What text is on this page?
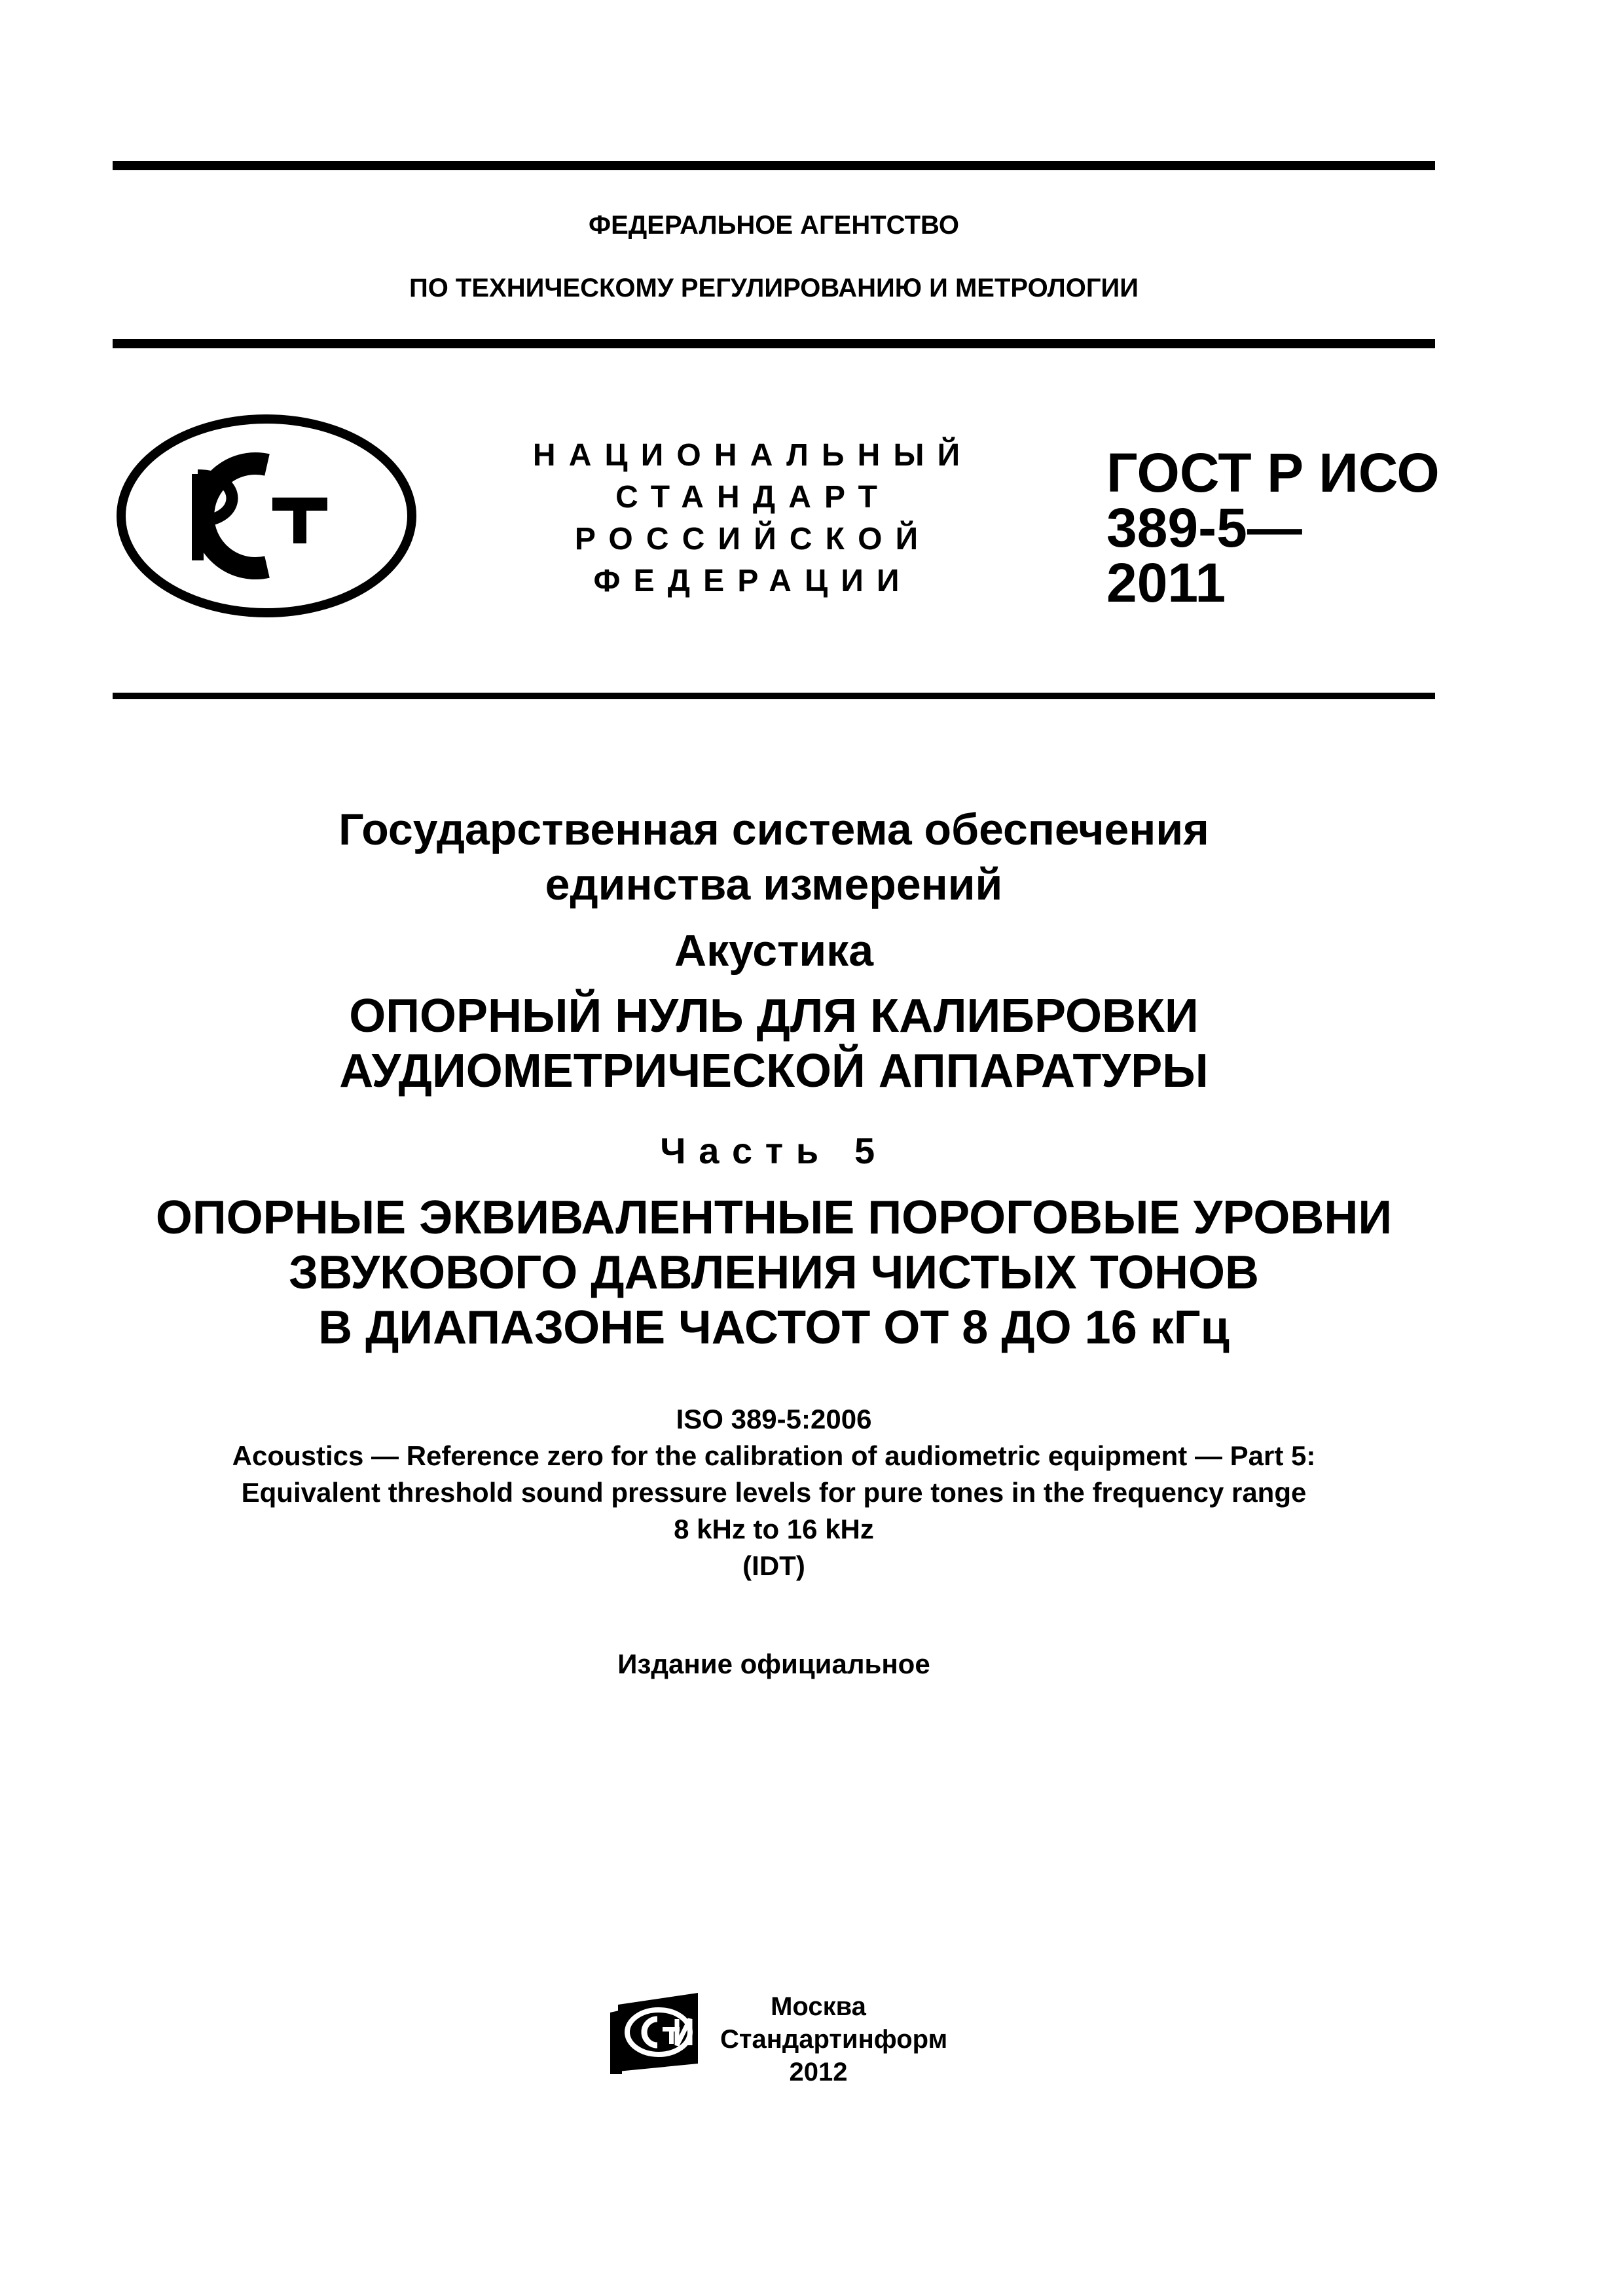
ФЕДЕРАЛЬНОЕ АГЕНТСТВО
ПО ТЕХНИЧЕСКОМУ РЕГУЛИРОВАНИЮ И МЕТРОЛОГИИ
НАЦИОНАЛЬНЫЙ
СТАНДАРТ
РОССИЙСКОЙ
ФЕДЕРАЦИИ
ГОСТ Р ИСО
389-5—
2011
Государственная система обеспечения
единства измерений
Акустика
ОПОРНЫЙ НУЛЬ ДЛЯ КАЛИБРОВКИ
АУДИОМЕТРИЧЕСКОЙ АППАРАТУРЫ
Часть 5
ОПОРНЫЕ ЭКВИВАЛЕНТНЫЕ ПОРОГОВЫЕ УРОВНИ
ЗВУКОВОГО ДАВЛЕНИЯ ЧИСТЫХ ТОНОВ
В ДИАПАЗОНЕ ЧАСТОТ ОТ 8 ДО 16 кГц
ISO 389-5:2006
Acoustics — Reference zero for the calibration of audiometric equipment — Part 5:
Equivalent threshold sound pressure levels for pure tones in the frequency range
8 kHz to 16 kHz
(IDT)
Издание официальное
Москва
Стандартинформ
2012
